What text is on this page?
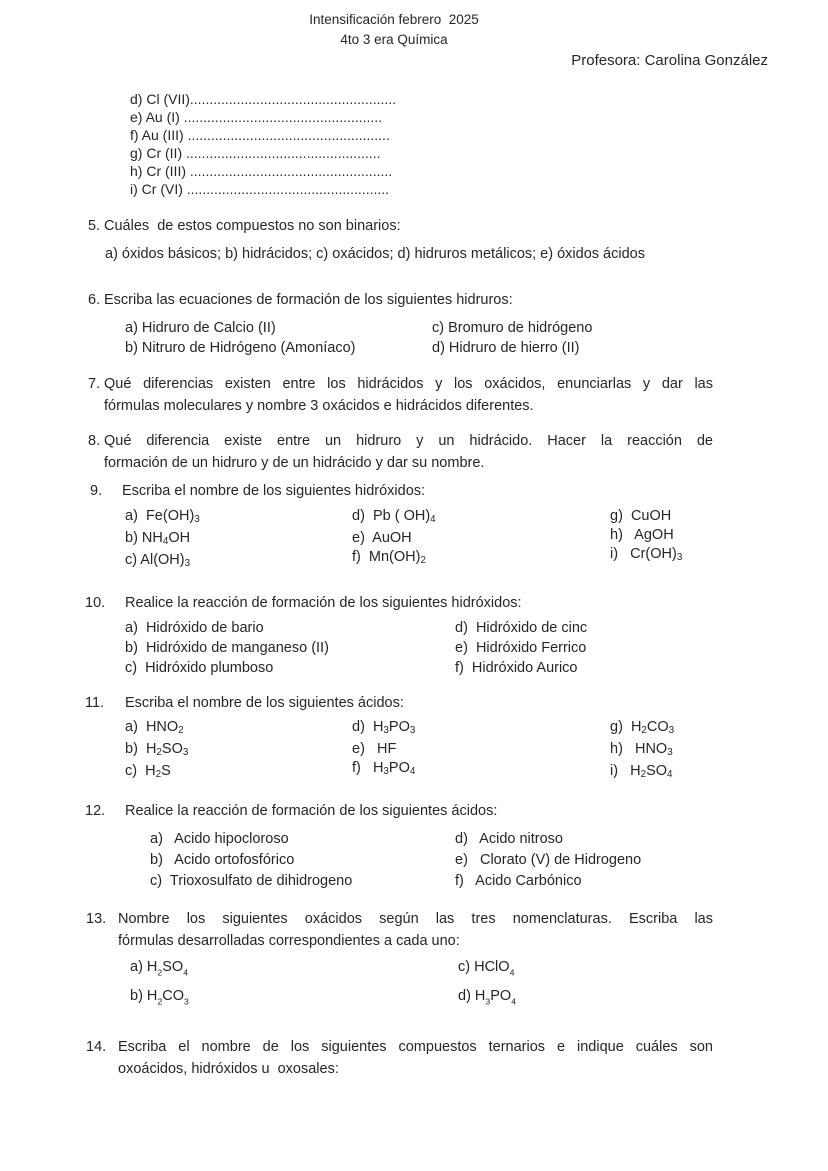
Intensificación febrero  2025
4to 3 era Química
Profesora: Carolina González
d) Cl (VII).....................................................
e) Au (I) ...................................................
f) Au (III) ....................................................
g) Cr (II) ..................................................
h) Cr (III) ....................................................
i) Cr (VI) ....................................................
5. Cuáles  de estos compuestos no son binarios:
a) óxidos básicos; b) hidrácidos; c) oxácidos; d) hidruros metálicos; e) óxidos ácidos
6. Escriba las ecuaciones de formación de los siguientes hidruros:
a) Hidruro de Calcio (II)
b) Nitruro de Hidrógeno (Amoníaco)
c) Bromuro de hidrógeno
d) Hidruro de hierro (II)
7. Qué diferencias existen entre los hidrácidos y los oxácidos, enunciarlas y dar las
fórmulas moleculares y nombre 3 oxácidos e hidrácidos diferentes.
8. Qué diferencia existe entre un hidruro y un hidrácido. Hacer la reacción de
formación de un hidruro y de un hidrácido y dar su nombre.
9.	Escriba el nombre de los siguientes hidróxidos:
a)  $Fe(OH)_3$
b) $NH_4OH$
c) $Al(OH)_3$
d)  Pb ( $OH)_4$
e)  AuOH
f)  $Mn(OH)_2$
g)  CuOH
h)   AgOH
i)   $Cr(OH)_3$
10.	Realice la reacción de formación de los siguientes hidróxidos:
a)  Hidróxido de bario
b)  Hidróxido de manganeso (II)
c)  Hidróxido plumboso
d)  Hidróxido de cinc
e)  Hidróxido Ferrico
f)  Hidróxido Aurico
11.	Escriba el nombre de los siguientes ácidos:
a)  $HNO_2$
b)  $H_2SO_3$
c)  $H_2S$
d)  $H_3PO_3$
e)   HF
f)   $H_3PO_4$
g)  $H_2CO_3$
h)   $HNO_3$
i)   $H_2SO_4$
12.	Realice la reacción de formación de los siguientes ácidos:
a)   Acido hipocloroso
b)   Acido ortofosfórico
c)  Trioxosulfato de dihidrogeno
d)   Acido nitroso
e)   Clorato (V) de Hidrogeno
f)   Acido Carbónico
13. Nombre los siguientes oxácidos según las tres nomenclaturas. Escriba las
fórmulas desarrolladas correspondientes a cada uno:
a) $H_2SO_4$
b) $H_2CO_3$
c) HClO$_4$
d) $H_3PO_4$
14. Escriba el nombre de los siguientes compuestos ternarios e indique cuáles son
oxoácidos, hidróxidos u  oxosales:
